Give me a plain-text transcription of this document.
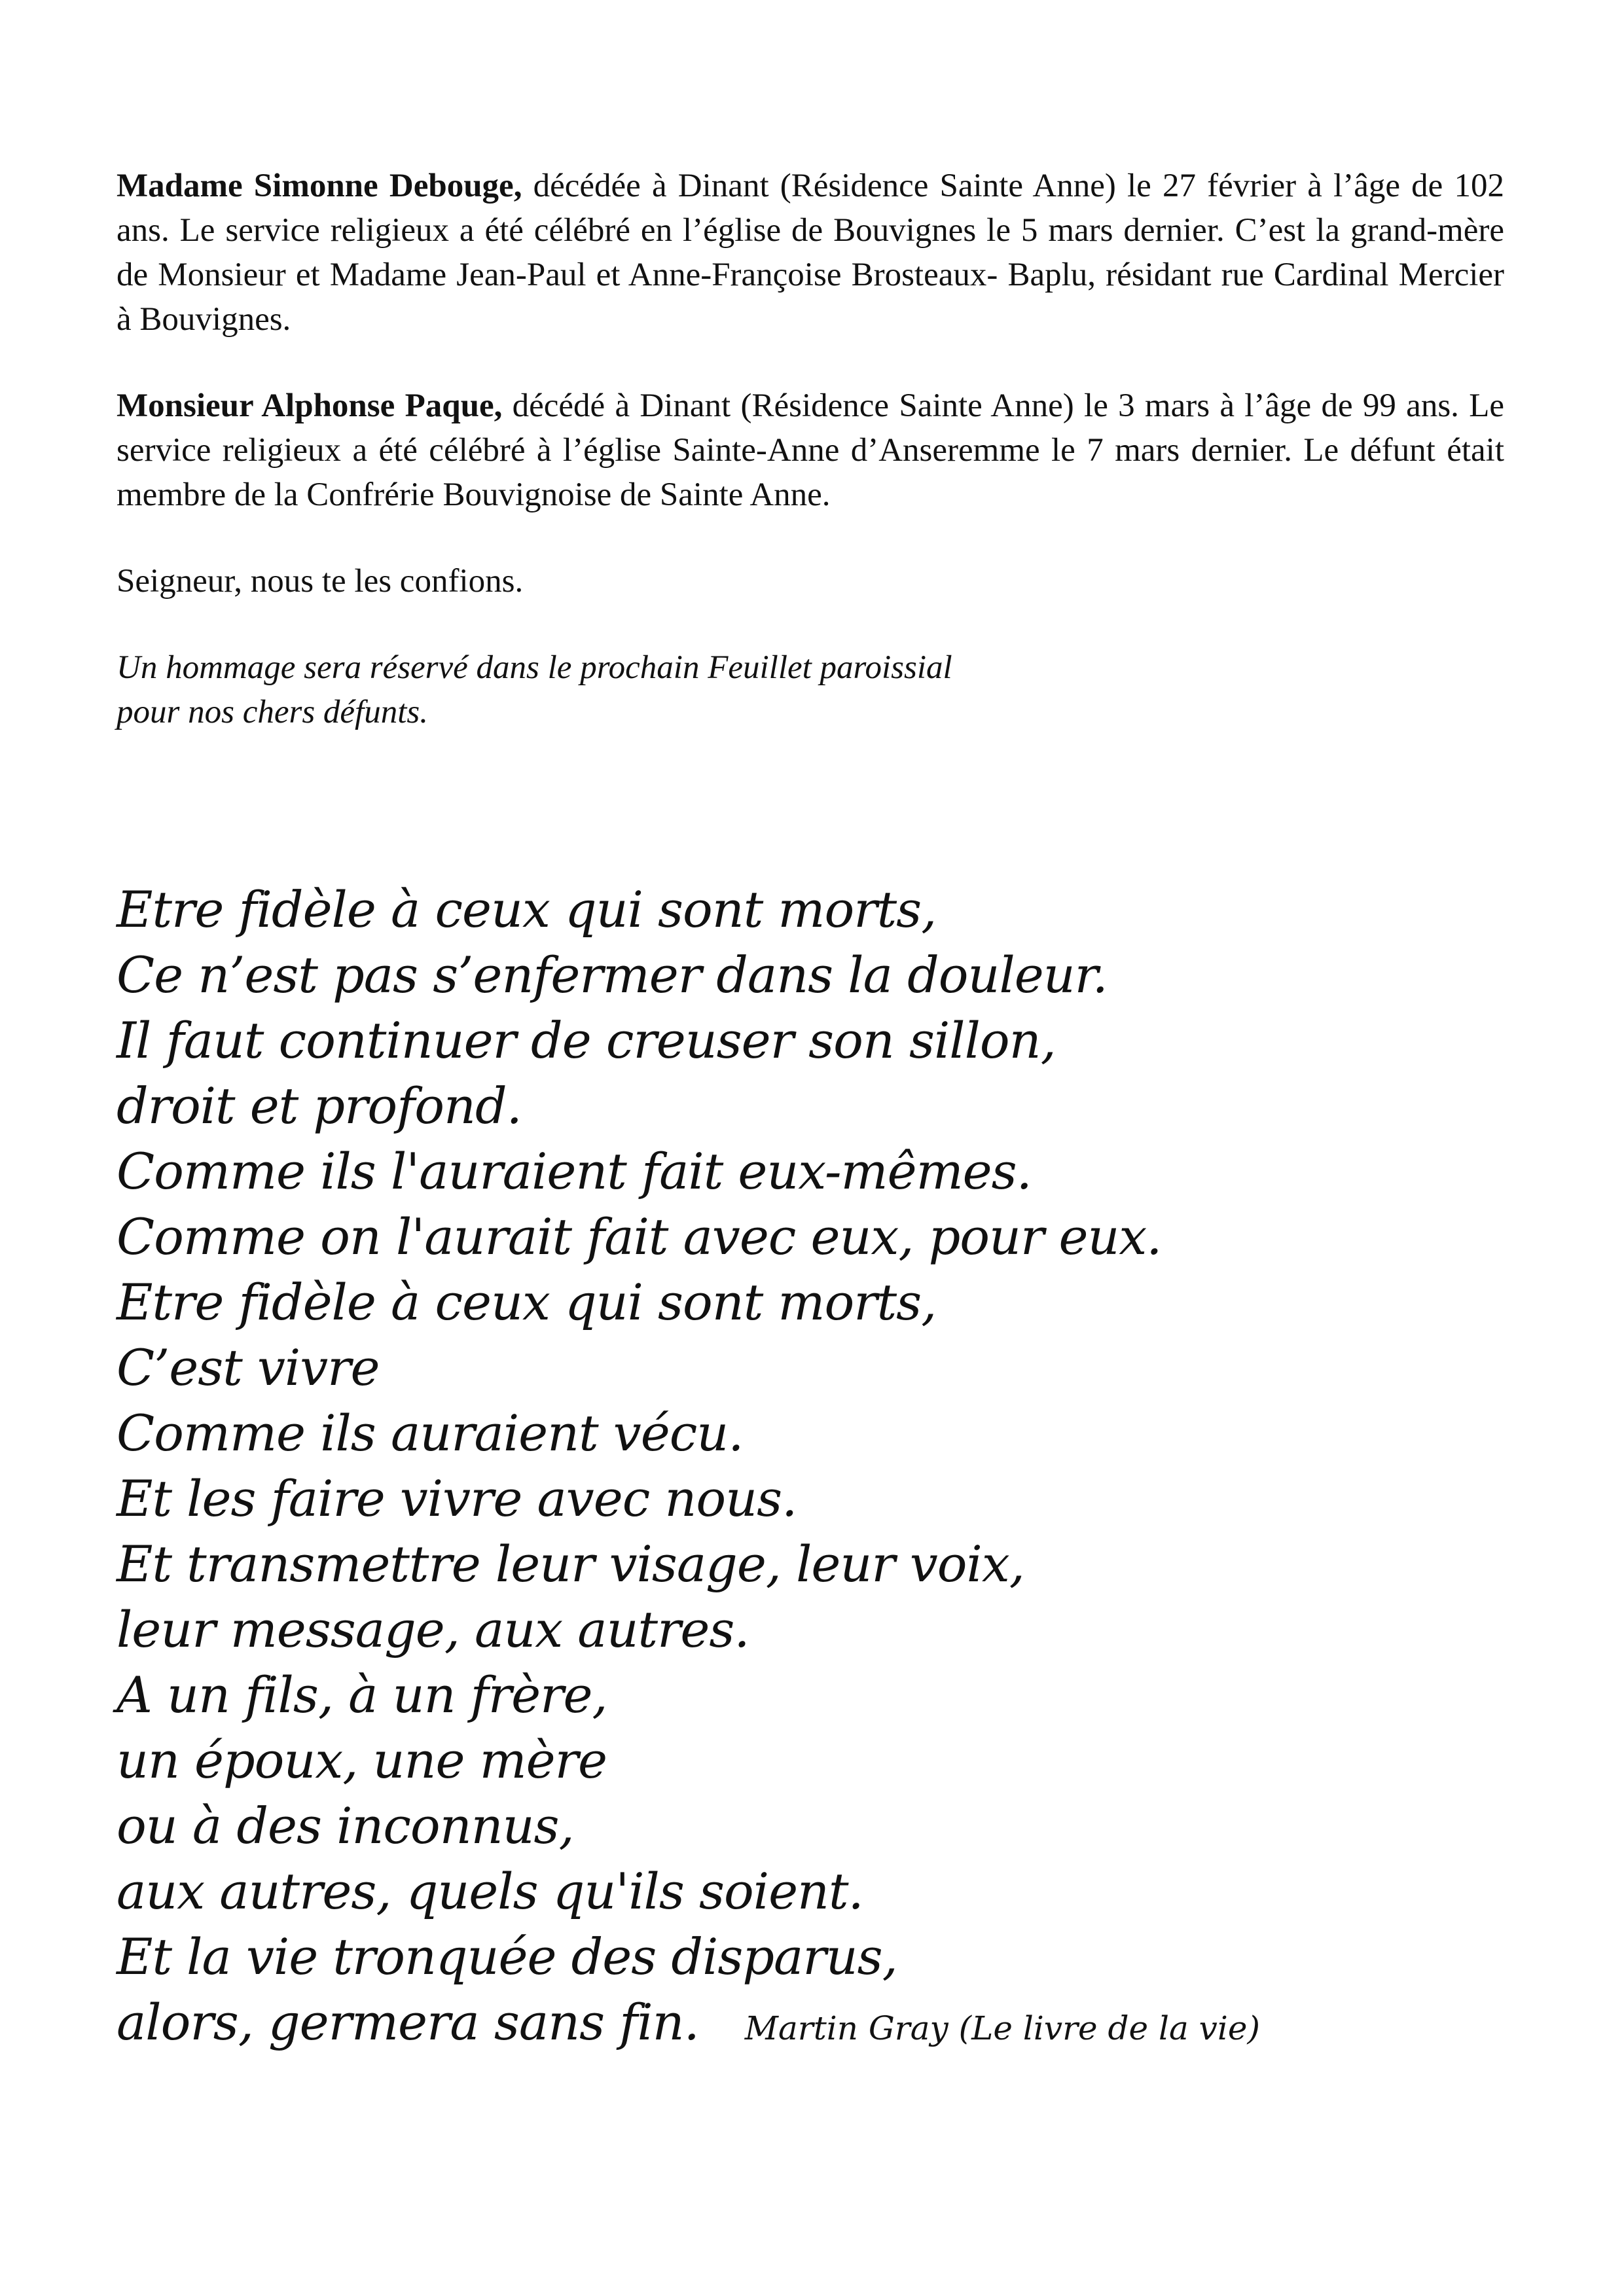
Madame Simonne Debouge, décédée à Dinant (Résidence Sainte Anne) le 27 février à l’âge de 102 ans. Le service religieux a été célébré en l’église de Bouvignes le 5 mars dernier. C’est la grand-mère de Monsieur et Madame Jean-Paul et Anne-Françoise Brosteaux- Baplu, résidant rue Cardinal Mercier à Bouvignes.

Monsieur Alphonse Paque, décédé à Dinant (Résidence Sainte Anne) le 3 mars à l’âge de 99 ans. Le service religieux a été célébré à l’église Sainte-Anne d’Anseremme le 7 mars dernier. Le défunt était membre de la Confrérie Bouvignoise de Sainte Anne.

Seigneur, nous te les confions.

Un hommage sera réservé dans le prochain Feuillet paroissial
pour nos chers défunts.

Etre fidèle à ceux qui sont morts,
Ce n’est pas s’enfermer dans la douleur.
Il faut continuer de creuser son sillon,
droit et profond.
Comme ils l'auraient fait eux-mêmes.
Comme on l'aurait fait avec eux, pour eux.
Etre fidèle à ceux qui sont morts,
C’est vivre
Comme ils auraient vécu.
Et les faire vivre avec nous.
Et transmettre leur visage, leur voix,
leur message, aux autres.
A un fils, à un frère,
un époux, une mère
ou à des inconnus,
aux autres, quels qu'ils soient.
Et la vie tronquée des disparus,
alors, germera sans fin. Martin Gray (Le livre de la vie)
